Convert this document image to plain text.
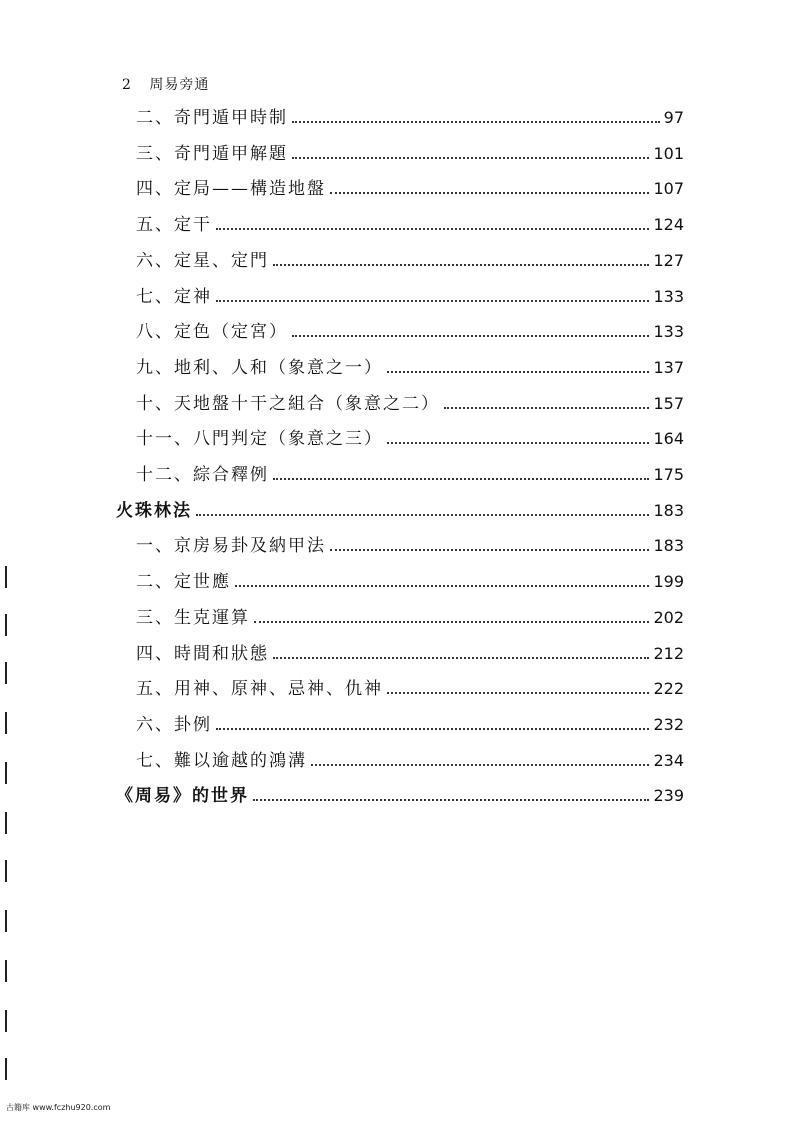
2 周易旁通
二、奇門遁甲時制	97
三、奇門遁甲解題	101
四、定局——構造地盤	107
五、定干	124
六、定星、定門	127
七、定神	133
八、定色（定宮）	133
九、地利、人和（象意之一）	137
十、天地盤十干之組合（象意之二）	157
十一、八門判定（象意之三）	164
十二、綜合釋例	175
火珠林法	183
一、京房易卦及納甲法	183
二、定世應	199
三、生克運算	202
四、時間和狀態	212
五、用神、原神、忌神、仇神	222
六、卦例	232
七、難以逾越的鴻溝	234
《周易》的世界	239
古籍库 www.fczhu920.com
